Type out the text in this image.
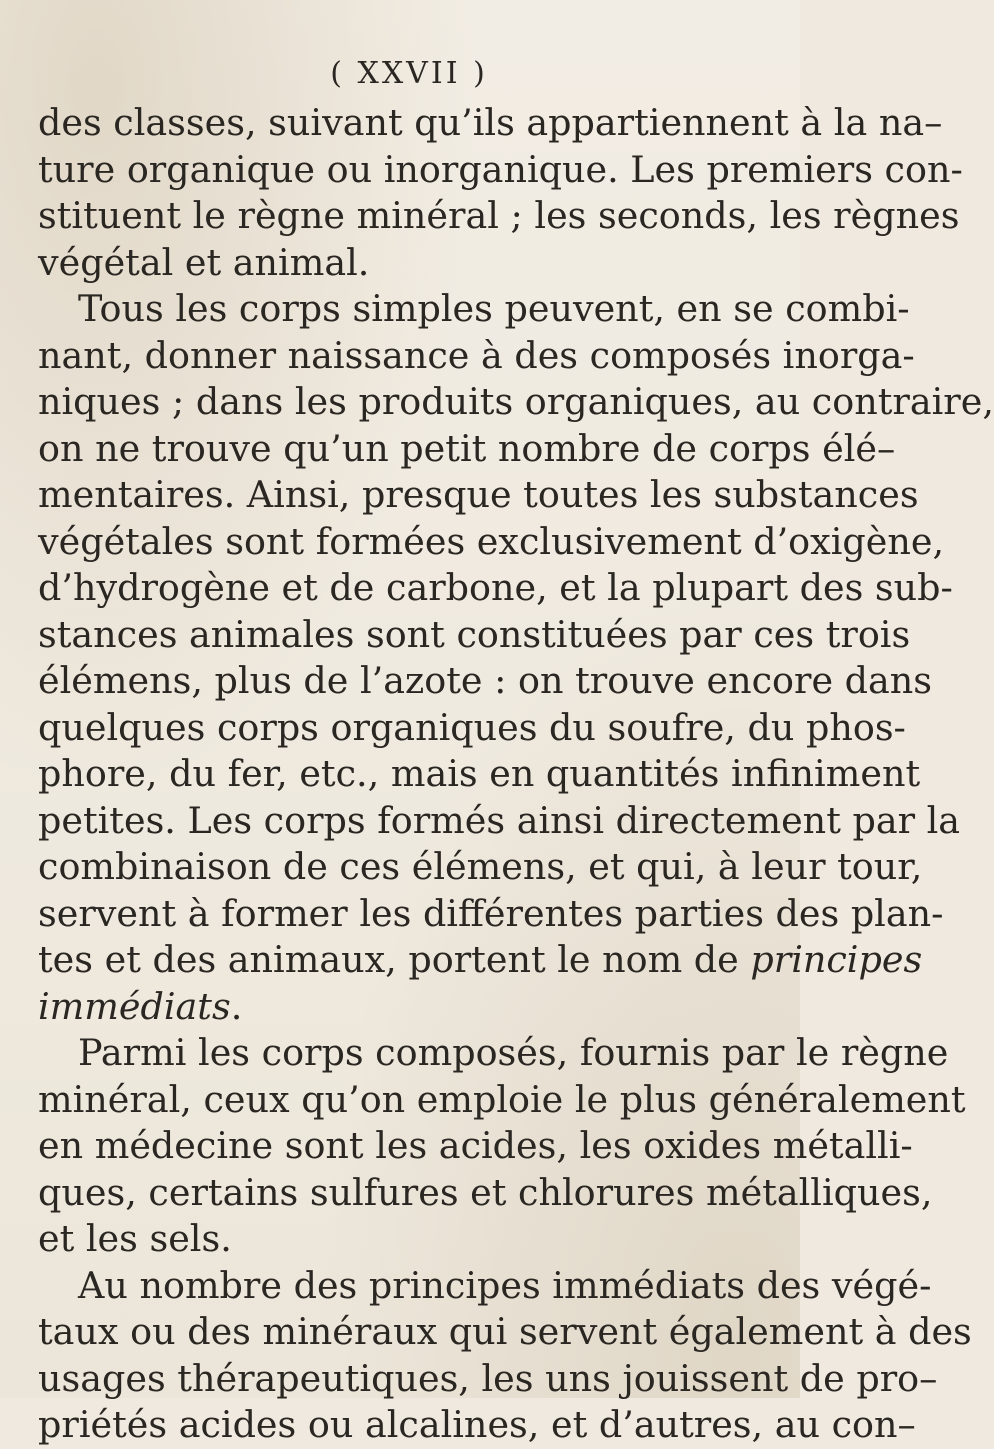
( XXVII )
des classes, suivant qu’ils appartiennent à la na–
ture organique ou inorganique. Les premiers con-
stituent le règne minéral ; les seconds, les règnes
végétal et animal.
Tous les corps simples peuvent, en se combi-
nant, donner naissance à des composés inorga-
niques ; dans les produits organiques, au contraire,
on ne trouve qu’un petit nombre de corps élé–
mentaires. Ainsi, presque toutes les substances
végétales sont formées exclusivement d’oxigène,
d’hydrogène et de carbone, et la plupart des sub-
stances animales sont constituées par ces trois
élémens, plus de l’azote : on trouve encore dans
quelques corps organiques du soufre, du phos-
phore, du fer, etc., mais en quantités infiniment
petites. Les corps formés ainsi directement par la
combinaison de ces élémens, et qui, à leur tour,
servent à former les différentes parties des plan-
tes et des animaux, portent le nom de principes
immédiats.
Parmi les corps composés, fournis par le règne
minéral, ceux qu’on emploie le plus généralement
en médecine sont les acides, les oxides métalli-
ques, certains sulfures et chlorures métalliques,
et les sels.
Au nombre des principes immédiats des végé-
taux ou des minéraux qui servent également à des
usages thérapeutiques, les uns jouissent de pro–
priétés acides ou alcalines, et d’autres, au con–
